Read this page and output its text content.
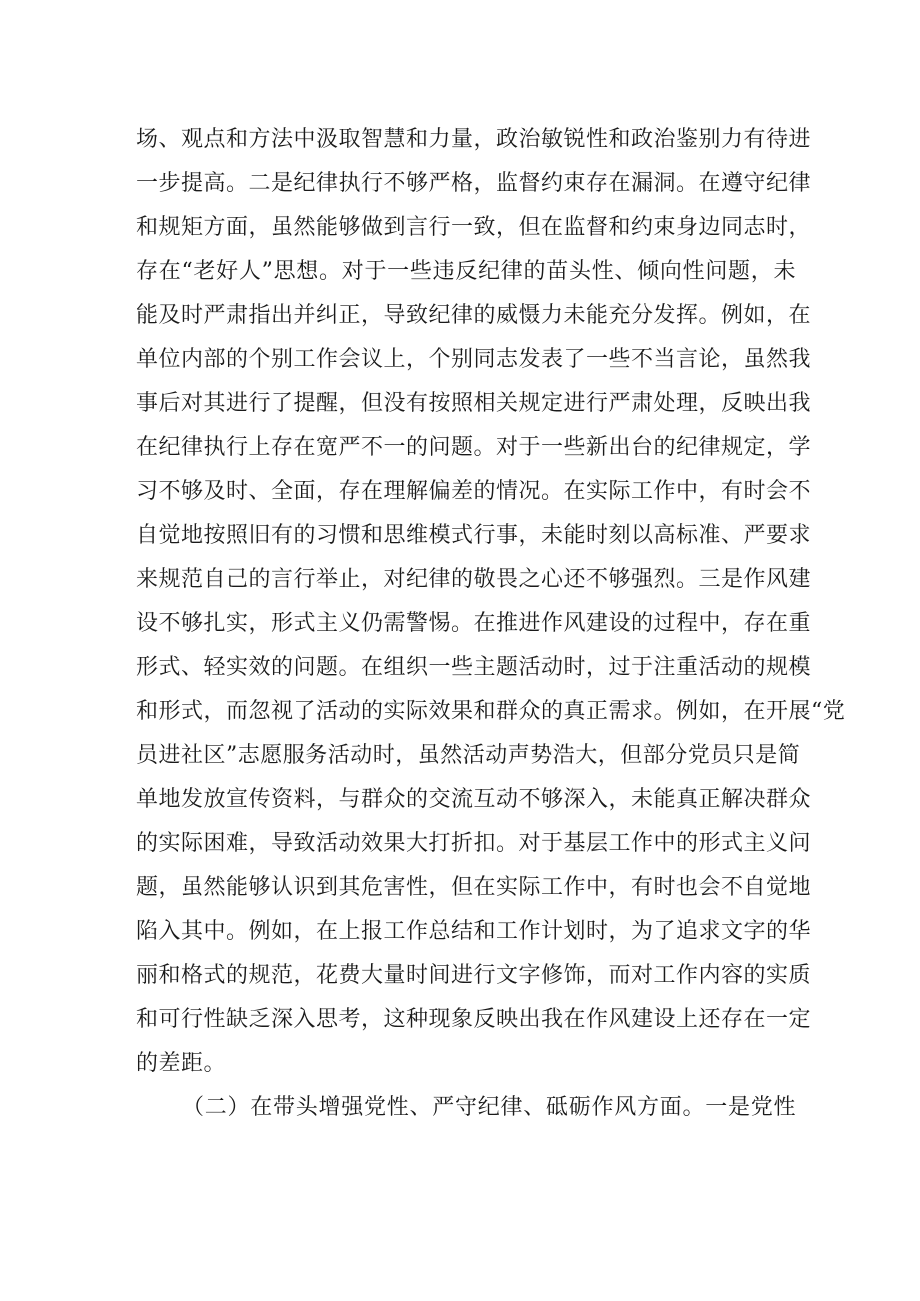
场、观点和方法中汲取智慧和力量，政治敏锐性和政治鉴别力有待进
一步提高。二是纪律执行不够严格，监督约束存在漏洞。在遵守纪律
和规矩方面，虽然能够做到言行一致，但在监督和约束身边同志时，
存在“老好人”思想。对于一些违反纪律的苗头性、倾向性问题，未
能及时严肃指出并纠正，导致纪律的威慑力未能充分发挥。例如，在
单位内部的个别工作会议上，个别同志发表了一些不当言论，虽然我
事后对其进行了提醒，但没有按照相关规定进行严肃处理，反映出我
在纪律执行上存在宽严不一的问题。对于一些新出台的纪律规定，学
习不够及时、全面，存在理解偏差的情况。在实际工作中，有时会不
自觉地按照旧有的习惯和思维模式行事，未能时刻以高标准、严要求
来规范自己的言行举止，对纪律的敬畏之心还不够强烈。三是作风建
设不够扎实，形式主义仍需警惕。在推进作风建设的过程中，存在重
形式、轻实效的问题。在组织一些主题活动时，过于注重活动的规模
和形式，而忽视了活动的实际效果和群众的真正需求。例如，在开展“党
员进社区”志愿服务活动时，虽然活动声势浩大，但部分党员只是简
单地发放宣传资料，与群众的交流互动不够深入，未能真正解决群众
的实际困难，导致活动效果大打折扣。对于基层工作中的形式主义问
题，虽然能够认识到其危害性，但在实际工作中，有时也会不自觉地
陷入其中。例如，在上报工作总结和工作计划时，为了追求文字的华
丽和格式的规范，花费大量时间进行文字修饰，而对工作内容的实质
和可行性缺乏深入思考，这种现象反映出我在作风建设上还存在一定
的差距。
（二）在带头增强党性、严守纪律、砥砺作风方面。一是党性
